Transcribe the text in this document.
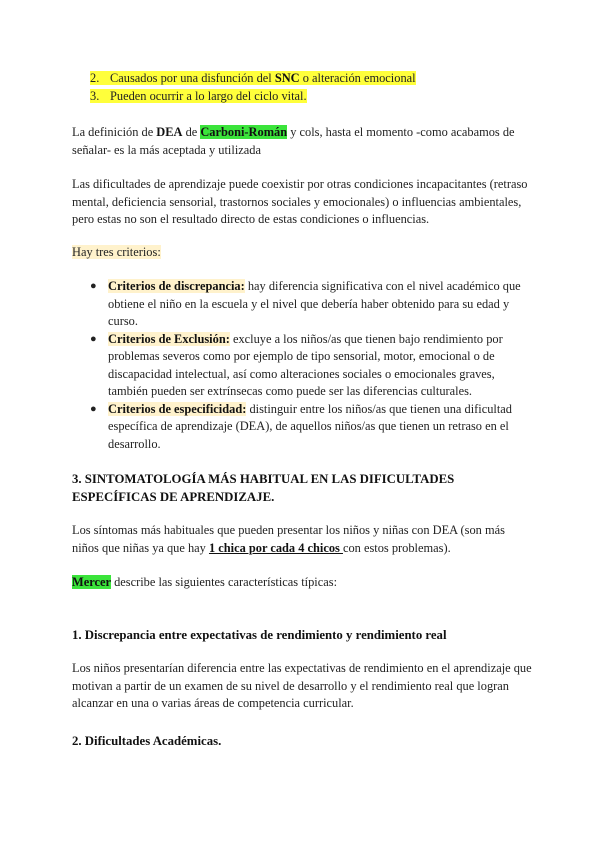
2. Causados por una disfunción del SNC o alteración emocional
3. Pueden ocurrir a lo largo del ciclo vital.
La definición de DEA de Carboni-Román y cols, hasta el momento -como acabamos de señalar- es la más aceptada y utilizada
Las dificultades de aprendizaje puede coexistir por otras condiciones incapacitantes (retraso mental, deficiencia sensorial, trastornos sociales y emocionales) o influencias ambientales, pero estas no son el resultado directo de estas condiciones o influencias.
Hay tres criterios:
● Criterios de discrepancia: hay diferencia significativa con el nivel académico que obtiene el niño en la escuela y el nivel que debería haber obtenido para su edad y curso.
● Criterios de Exclusión: excluye a los niños/as que tienen bajo rendimiento por problemas severos como por ejemplo de tipo sensorial, motor, emocional o de discapacidad intelectual, así como alteraciones sociales o emocionales graves, también pueden ser extrínsecas como puede ser las diferencias culturales.
● Criterios de especificidad: distinguir entre los niños/as que tienen una dificultad específica de aprendizaje (DEA), de aquellos niños/as que tienen un retraso en el desarrollo.
3. SINTOMATOLOGÍA MÁS HABITUAL EN LAS DIFICULTADES ESPECÍFICAS DE APRENDIZAJE.
Los síntomas más habituales que pueden presentar los niños y niñas con DEA (son más niños que niñas ya que hay 1 chica por cada 4 chicos con estos problemas).
Mercer describe las siguientes características típicas:
1. Discrepancia entre expectativas de rendimiento y rendimiento real
Los niños presentarían diferencia entre las expectativas de rendimiento en el aprendizaje que motivan a partir de un examen de su nivel de desarrollo y el rendimiento real que logran alcanzar en una o varias áreas de competencia curricular.
2. Dificultades Académicas.
